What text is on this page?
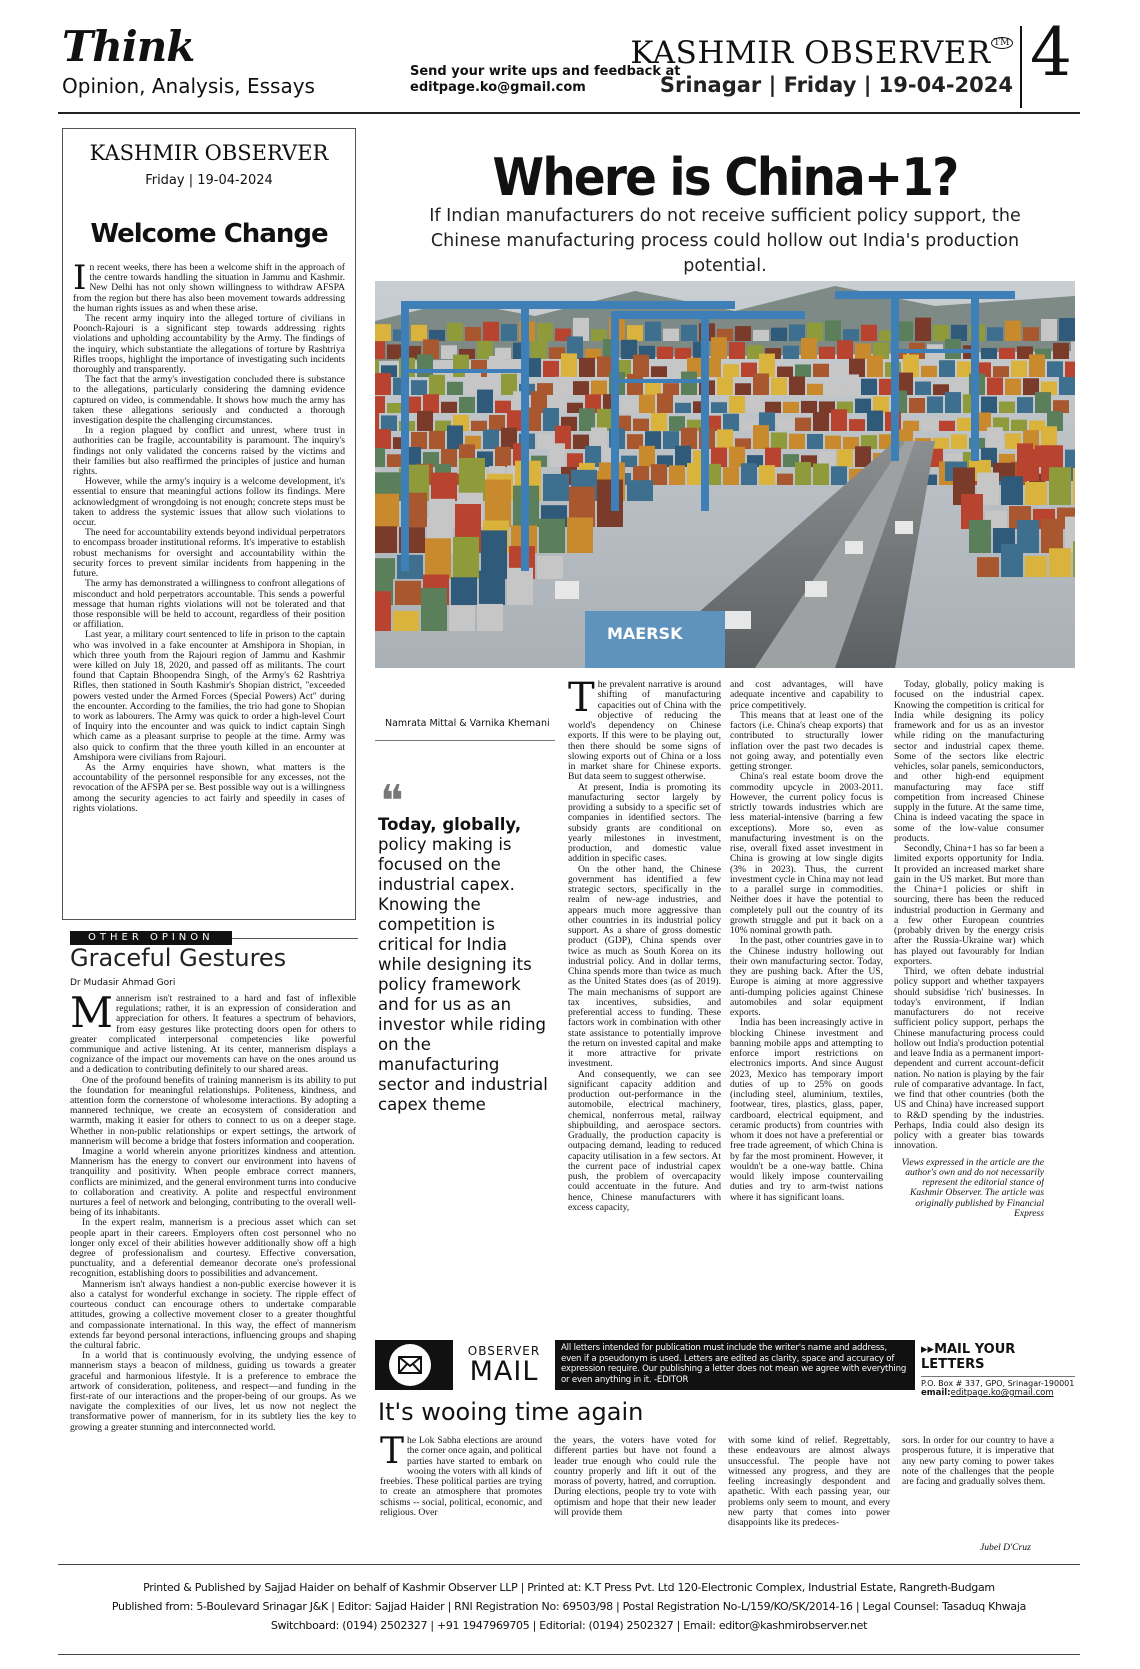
Think
Opinion, Analysis, Essays
Send your write ups and feedback at
editpage.ko@gmail.com
KASHMIR OBSERVER ™
Srinagar | Friday | 19-04-2024 4
KASHMIR OBSERVER
Friday | 19-04-2024
Welcome Change
I n recent weeks, there has been a welcome shift in the approach of the centre towards handling the situation in Jammu and Kashmir. New Delhi has not only shown willingness to withdraw AFSPA from the region but there has also been movement towards addressing the human rights issues as and when these arise.

The recent army inquiry into the alleged torture of civilians in Poonch-Rajouri is a significant step towards addressing rights violations and upholding accountability by the Army. The findings of the inquiry, which substantiate the allegations of torture by Rashtriya Rifles troops, highlight the importance of investigating such incidents thoroughly and transparently.

The fact that the army's investigation concluded there is substance to the allegations, particularly considering the damning evidence captured on video, is commendable. It shows how much the army has taken these allegations seriously and conducted a thorough investigation despite the challenging circumstances.

In a region plagued by conflict and unrest, where trust in authorities can be fragile, accountability is paramount. The inquiry's findings not only validated the concerns raised by the victims and their families but also reaffirmed the principles of justice and human rights.

However, while the army's inquiry is a welcome development, it's essential to ensure that meaningful actions follow its findings. Mere acknowledgment of wrongdoing is not enough; concrete steps must be taken to address the systemic issues that allow such violations to occur.

The need for accountability extends beyond individual perpetrators to encompass broader institutional reforms. It's imperative to establish robust mechanisms for oversight and accountability within the security forces to prevent similar incidents from happening in the future.

The army has demonstrated a willingness to confront allegations of misconduct and hold perpetrators accountable. This sends a powerful message that human rights violations will not be tolerated and that those responsible will be held to account, regardless of their position or affiliation.

Last year, a military court sentenced to life in prison to the captain who was involved in a fake encounter at Amshipora in Shopian, in which three youth from the Rajouri region of Jammu and Kashmir were killed on July 18, 2020, and passed off as militants. The court found that Captain Bhoopendra Singh, of the Army's 62 Rashtriya Rifles, then stationed in South Kashmir's Shopian district, "exceeded powers vested under the Armed Forces (Special Powers) Act" during the encounter. According to the families, the trio had gone to Shopian to work as labourers. The Army was quick to order a high-level Court of Inquiry into the encounter and was quick to indict captain Singh which came as a pleasant surprise to people at the time. Army was also quick to confirm that the three youth killed in an encounter at Amshipora were civilians from Rajouri.

As the Army enquiries have shown, what matters is the accountability of the personnel responsible for any excesses, not the revocation of the AFSPA per se. Best possible way out is a willingness among the security agencies to act fairly and speedily in cases of rights violations.

OTHER OPINON
Graceful Gestures
Dr Mudasir Ahmad Gori
M annerism isn't restrained to a hard and fast of inflexible regulations; rather, it is an expression of consideration and appreciation for others. It features a spectrum of behaviors, from easy gestures like protecting doors open for others to greater complicated interpersonal competencies like powerful communique and active listening. At its center, mannerism displays a cognizance of the impact our movements can have on the ones around us and a dedication to contributing definitely to our shared areas.

One of the profound benefits of training mannerism is its ability to put the foundation for meaningful relationships. Politeness, kindness, and attention form the cornerstone of wholesome interactions. By adopting a mannered technique, we create an ecosystem of consideration and warmth, making it easier for others to connect to us on a deeper stage. Whether in non-public relationships or expert settings, the artwork of mannerism will become a bridge that fosters information and cooperation.

Imagine a world wherein anyone prioritizes kindness and attention. Mannerism has the energy to convert our environment into havens of tranquility and positivity. When people embrace correct manners, conflicts are minimized, and the general environment turns into conducive to collaboration and creativity. A polite and respectful environment nurtures a feel of network and belonging, contributing to the overall well-being of its inhabitants.

In the expert realm, mannerism is a precious asset which can set people apart in their careers. Employers often cost personnel who no longer only excel of their abilities however additionally show off a high degree of professionalism and courtesy. Effective conversation, punctuality, and a deferential demeanor decorate one's professional recognition, establishing doors to possibilities and advancement.

Mannerism isn't always handiest a non-public exercise however it is also a catalyst for wonderful exchange in society. The ripple effect of courteous conduct can encourage others to undertake comparable attitudes, growing a collective movement closer to a greater thoughtful and compassionate international. In this way, the effect of mannerism extends far beyond personal interactions, influencing groups and shaping the cultural fabric.

In a world that is continuously evolving, the undying essence of mannerism stays a beacon of mildness, guiding us towards a greater graceful and harmonious lifestyle. It is a preference to embrace the artwork of consideration, politeness, and respect—and funding in the first-rate of our interactions and the proper-being of our groups. As we navigate the complexities of our lives, let us now not neglect the transformative power of mannerism, for in its subtlety lies the key to growing a greater stunning and interconnected world.

Where is China+1?
If Indian manufacturers do not receive sufficient policy support, the Chinese manufacturing process could hollow out India's production potential.
MAERSK
Namrata Mittal & Varnika Khemani
❝
Today, globally, policy making is focused on the industrial capex. Knowing the competition is critical for India while designing its policy framework and for us as an investor while riding on the manufacturing sector and industrial capex theme
T he prevalent narrative is around shifting of manufacturing capacities out of China with the objective of reducing the world's dependency on Chinese exports. If this were to be playing out, then there should be some signs of slowing exports out of China or a loss in market share for Chinese exports. But data seem to suggest otherwise.

At present, India is promoting its manufacturing sector largely by providing a subsidy to a specific set of companies in identified sectors. The subsidy grants are conditional on yearly milestones in investment, production, and domestic value addition in specific cases.

On the other hand, the Chinese government has identified a few strategic sectors, specifically in the realm of new-age industries, and appears much more aggressive than other countries in its industrial policy support. As a share of gross domestic product (GDP), China spends over twice as much as South Korea on its industrial policy. And in dollar terms, China spends more than twice as much as the United States does (as of 2019). The main mechanisms of support are tax incentives, subsidies, and preferential access to funding. These factors work in combination with other state assistance to potentially improve the return on invested capital and make it more attractive for private investment.

And consequently, we can see significant capacity addition and production out-performance in the automobile, electrical machinery, chemical, nonferrous metal, railway shipbuilding, and aerospace sectors. Gradually, the production capacity is outpacing demand, leading to reduced capacity utilisation in a few sectors. At the current pace of industrial capex push, the problem of overcapacity could accentuate in the future. And hence, Chinese manufacturers with excess capacity,

and cost advantages, will have adequate incentive and capability to price competitively.

This means that at least one of the factors (i.e. China's cheap exports) that contributed to structurally lower inflation over the past two decades is not going away, and potentially even getting stronger.

China's real estate boom drove the commodity upcycle in 2003-2011. However, the current policy focus is strictly towards industries which are less material-intensive (barring a few exceptions). More so, even as manufacturing investment is on the rise, overall fixed asset investment in China is growing at low single digits (3% in 2023). Thus, the current investment cycle in China may not lead to a parallel surge in commodities. Neither does it have the potential to completely pull out the country of its growth struggle and put it back on a 10% nominal growth path.

In the past, other countries gave in to the Chinese industry hollowing out their own manufacturing sector. Today, they are pushing back. After the US, Europe is aiming at more aggressive anti-dumping policies against Chinese automobiles and solar equipment exports.

India has been increasingly active in blocking Chinese investment and banning mobile apps and attempting to enforce import restrictions on electronics imports. And since August 2023, Mexico has temporary import duties of up to 25% on goods (including steel, aluminium, textiles, footwear, tires, plastics, glass, paper, cardboard, electrical equipment, and ceramic products) from countries with whom it does not have a preferential or free trade agreement, of which China is by far the most prominent. However, it wouldn't be a one-way battle. China would likely impose countervailing duties and try to arm-twist nations where it has significant loans.

Today, globally, policy making is focused on the industrial capex. Knowing the competition is critical for India while designing its policy framework and for us as an investor while riding on the manufacturing sector and industrial capex theme. Some of the sectors like electric vehicles, solar panels, semiconductors, and other high-end equipment manufacturing may face stiff competition from increased Chinese supply in the future. At the same time, China is indeed vacating the space in some of the low-value consumer products.

Secondly, China+1 has so far been a limited exports opportunity for India. It provided an increased market share gain in the US market. But more than the China+1 policies or shift in sourcing, there has been the reduced industrial production in Germany and a few other European countries (probably driven by the energy crisis after the Russia-Ukraine war) which has played out favourably for Indian exporters.

Third, we often debate industrial policy support and whether taxpayers should subsidise 'rich' businesses. In today's environment, if Indian manufacturers do not receive sufficient policy support, perhaps the Chinese manufacturing process could hollow out India's production potential and leave India as a permanent import-dependent and current account-deficit nation. No nation is playing by the fair rule of comparative advantage. In fact, we find that other countries (both the US and China) have increased support to R&D spending by the industries. Perhaps, India could also design its policy with a greater bias towards innovation.

Views expressed in the article are the author's own and do not necessarily represent the editorial stance of Kashmir Observer. The article was originally published by Financial Express
OBSERVER
MAIL
All letters intended for publication must include the writer's name and address, even if a pseudonym is used. Letters are edited as clarity, space and accuracy of expression require. Our publishing a letter does not mean we agree with everything or even anything in it. -EDITOR
▸▸MAIL YOUR LETTERS
P.O. Box # 337, GPO, Srinagar-190001
email:editpage.ko@gmail.com
It's wooing time again
T he Lok Sabha elections are around the corner once again, and political parties have started to embark on wooing the voters with all kinds of freebies. These political parties are trying to create an atmosphere that promotes schisms -- social, political, economic, and religious. Over
the years, the voters have voted for different parties but have not found a leader true enough who could rule the country properly and lift it out of the morass of poverty, hatred, and corruption. During elections, people try to vote with optimism and hope that their new leader will provide them
with some kind of relief. Regrettably, these endeavours are almost always unsuccessful. The people have not witnessed any progress, and they are feeling increasingly despondent and apathetic. With each passing year, our problems only seem to mount, and every new party that comes into power disappoints like its predeces-
sors. In order for our country to have a prosperous future, it is imperative that any new party coming to power takes note of the challenges that the people are facing and gradually solves them.
Jubel D'Cruz
Printed & Published by Sajjad Haider on behalf of Kashmir Observer LLP | Printed at: K.T Press Pvt. Ltd 120-Electronic Complex, Industrial Estate, Rangreth-Budgam
Published from: 5-Boulevard Srinagar J&K | Editor: Sajjad Haider | RNI Registration No: 69503/98 | Postal Registration No-L/159/KO/SK/2014-16 | Legal Counsel: Tasaduq Khwaja
Switchboard: (0194) 2502327 | +91 1947969705 | Editorial: (0194) 2502327 | Email: editor@kashmirobserver.net
